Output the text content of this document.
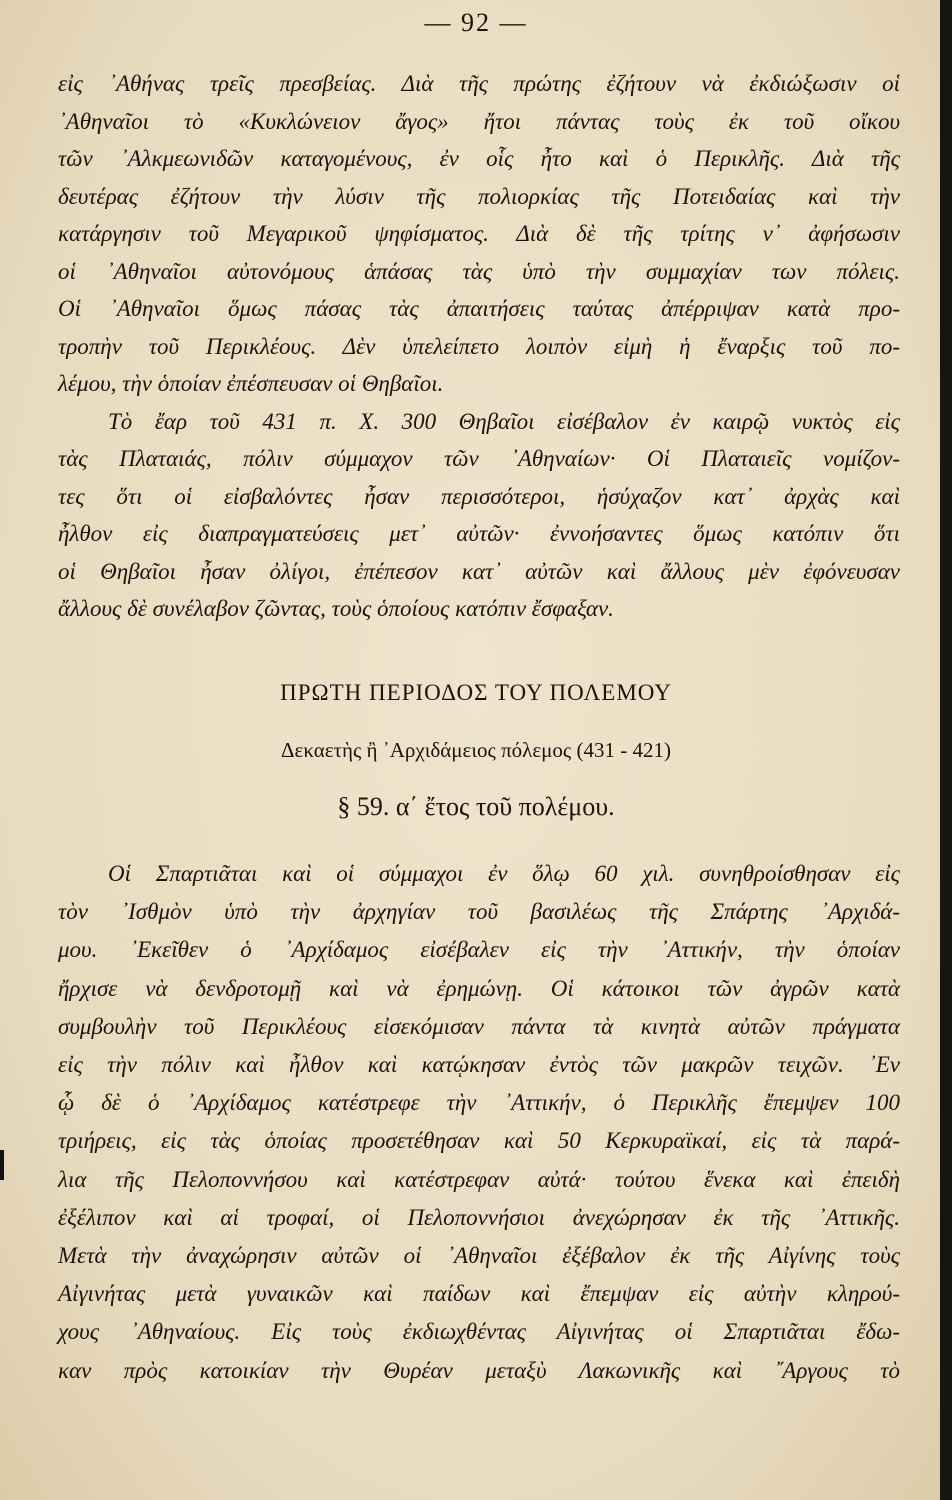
— 92 —
εἰς ᾽Αθήνας τρεῖς πρεσβείας. Διὰ τῆς πρώτης ἐζήτουν νὰ ἐκδιώξωσιν οἱ
᾽Αθηναῖοι τὸ «Κυκλώνειον ἄγος» ἤτοι πάντας τοὺς ἐκ τοῦ οἴκου
τῶν ᾽Αλκμεωνιδῶν καταγομένους, ἐν οἷς ἦτο καὶ ὁ Περικλῆς. Διὰ τῆς
δευτέρας ἐζήτουν τὴν λύσιν τῆς πολιορκίας τῆς Ποτειδαίας καὶ τὴν
κατάργησιν τοῦ Μεγαρικοῦ ψηφίσματος. Διὰ δὲ τῆς τρίτης ν᾽ ἀφήσωσιν
οἱ ᾽Αθηναῖοι αὐτονόμους ἁπάσας τὰς ὑπὸ τὴν συμμαχίαν των πόλεις.
Οἱ ᾽Αθηναῖοι ὅμως πάσας τὰς ἀπαιτήσεις ταύτας ἀπέρριψαν κατὰ προ-
τροπὴν τοῦ Περικλέους. Δὲν ὑπελείπετο λοιπὸν εἰμὴ ἡ ἔναρξις τοῦ πο-
λέμου, τὴν ὁποίαν ἐπέσπευσαν οἱ Θηβαῖοι.
Τὸ ἔαρ τοῦ 431 π. Χ. 300 Θηβαῖοι εἰσέβαλον ἐν καιρῷ νυκτὸς εἰς
τὰς Πλαταιάς, πόλιν σύμμαχον τῶν ᾽Αθηναίων· Οἱ Πλαταιεῖς νομίζον-
τες ὅτι οἱ εἰσβαλόντες ἦσαν περισσότεροι, ἡσύχαζον κατ᾽ ἀρχὰς καὶ
ἦλθον εἰς διαπραγματεύσεις μετ᾽ αὐτῶν· ἐννοήσαντες ὅμως κατόπιν ὅτι
οἱ Θηβαῖοι ἦσαν ὀλίγοι, ἐπέπεσον κατ᾽ αὐτῶν καὶ ἄλλους μὲν ἐφόνευσαν
ἄλλους δὲ συνέλαβον ζῶντας, τοὺς ὁποίους κατόπιν ἔσφαξαν.
ΠΡΩΤΗ ΠΕΡΙΟΔΟΣ ΤΟΥ ΠΟΛΕΜΟΥ
Δεκαετὴς ἢ ᾽Αρχιδάμειος πόλεμος (431 - 421)
§ 59. α΄ ἔτος τοῦ πολέμου.
Οἱ Σπαρτιᾶται καὶ οἱ σύμμαχοι ἐν ὅλῳ 60 χιλ. συνηθροίσθησαν εἰς
τὸν ᾽Ισθμὸν ὑπὸ τὴν ἀρχηγίαν τοῦ βασιλέως τῆς Σπάρτης ᾽Αρχιδά-
μου. ᾽Εκεῖθεν ὁ ᾽Αρχίδαμος εἰσέβαλεν εἰς τὴν ᾽Αττικήν, τὴν ὁποίαν
ἤρχισε νὰ δενδροτομῇ καὶ νὰ ἐρημώνῃ. Οἱ κάτοικοι τῶν ἀγρῶν κατὰ
συμβουλὴν τοῦ Περικλέους εἰσεκόμισαν πάντα τὰ κινητὰ αὐτῶν πράγματα
εἰς τὴν πόλιν καὶ ἦλθον καὶ κατῴκησαν ἐντὸς τῶν μακρῶν τειχῶν. ᾽Εν
ᾧ δὲ ὁ ᾽Αρχίδαμος κατέστρεφε τὴν ᾽Αττικήν, ὁ Περικλῆς ἔπεμψεν 100
τριήρεις, εἰς τὰς ὁποίας προσετέθησαν καὶ 50 Κερκυραϊκαί, εἰς τὰ παρά-
λια τῆς Πελοποννήσου καὶ κατέστρεφαν αὐτά· τούτου ἕνεκα καὶ ἐπειδὴ
ἐξέλιπον καὶ αἱ τροφαί, οἱ Πελοποννήσιοι ἀνεχώρησαν ἐκ τῆς ᾽Αττικῆς.
Μετὰ τὴν ἀναχώρησιν αὐτῶν οἱ ᾽Αθηναῖοι ἐξέβαλον ἐκ τῆς Αἰγίνης τοὺς
Αἰγινήτας μετὰ γυναικῶν καὶ παίδων καὶ ἔπεμψαν εἰς αὐτὴν κληρού-
χους ᾽Αθηναίους. Εἰς τοὺς ἐκδιωχθέντας Αἰγινήτας οἱ Σπαρτιᾶται ἔδω-
καν πρὸς κατοικίαν τὴν Θυρέαν μεταξὺ Λακωνικῆς καὶ ῎Αργους τὸ
